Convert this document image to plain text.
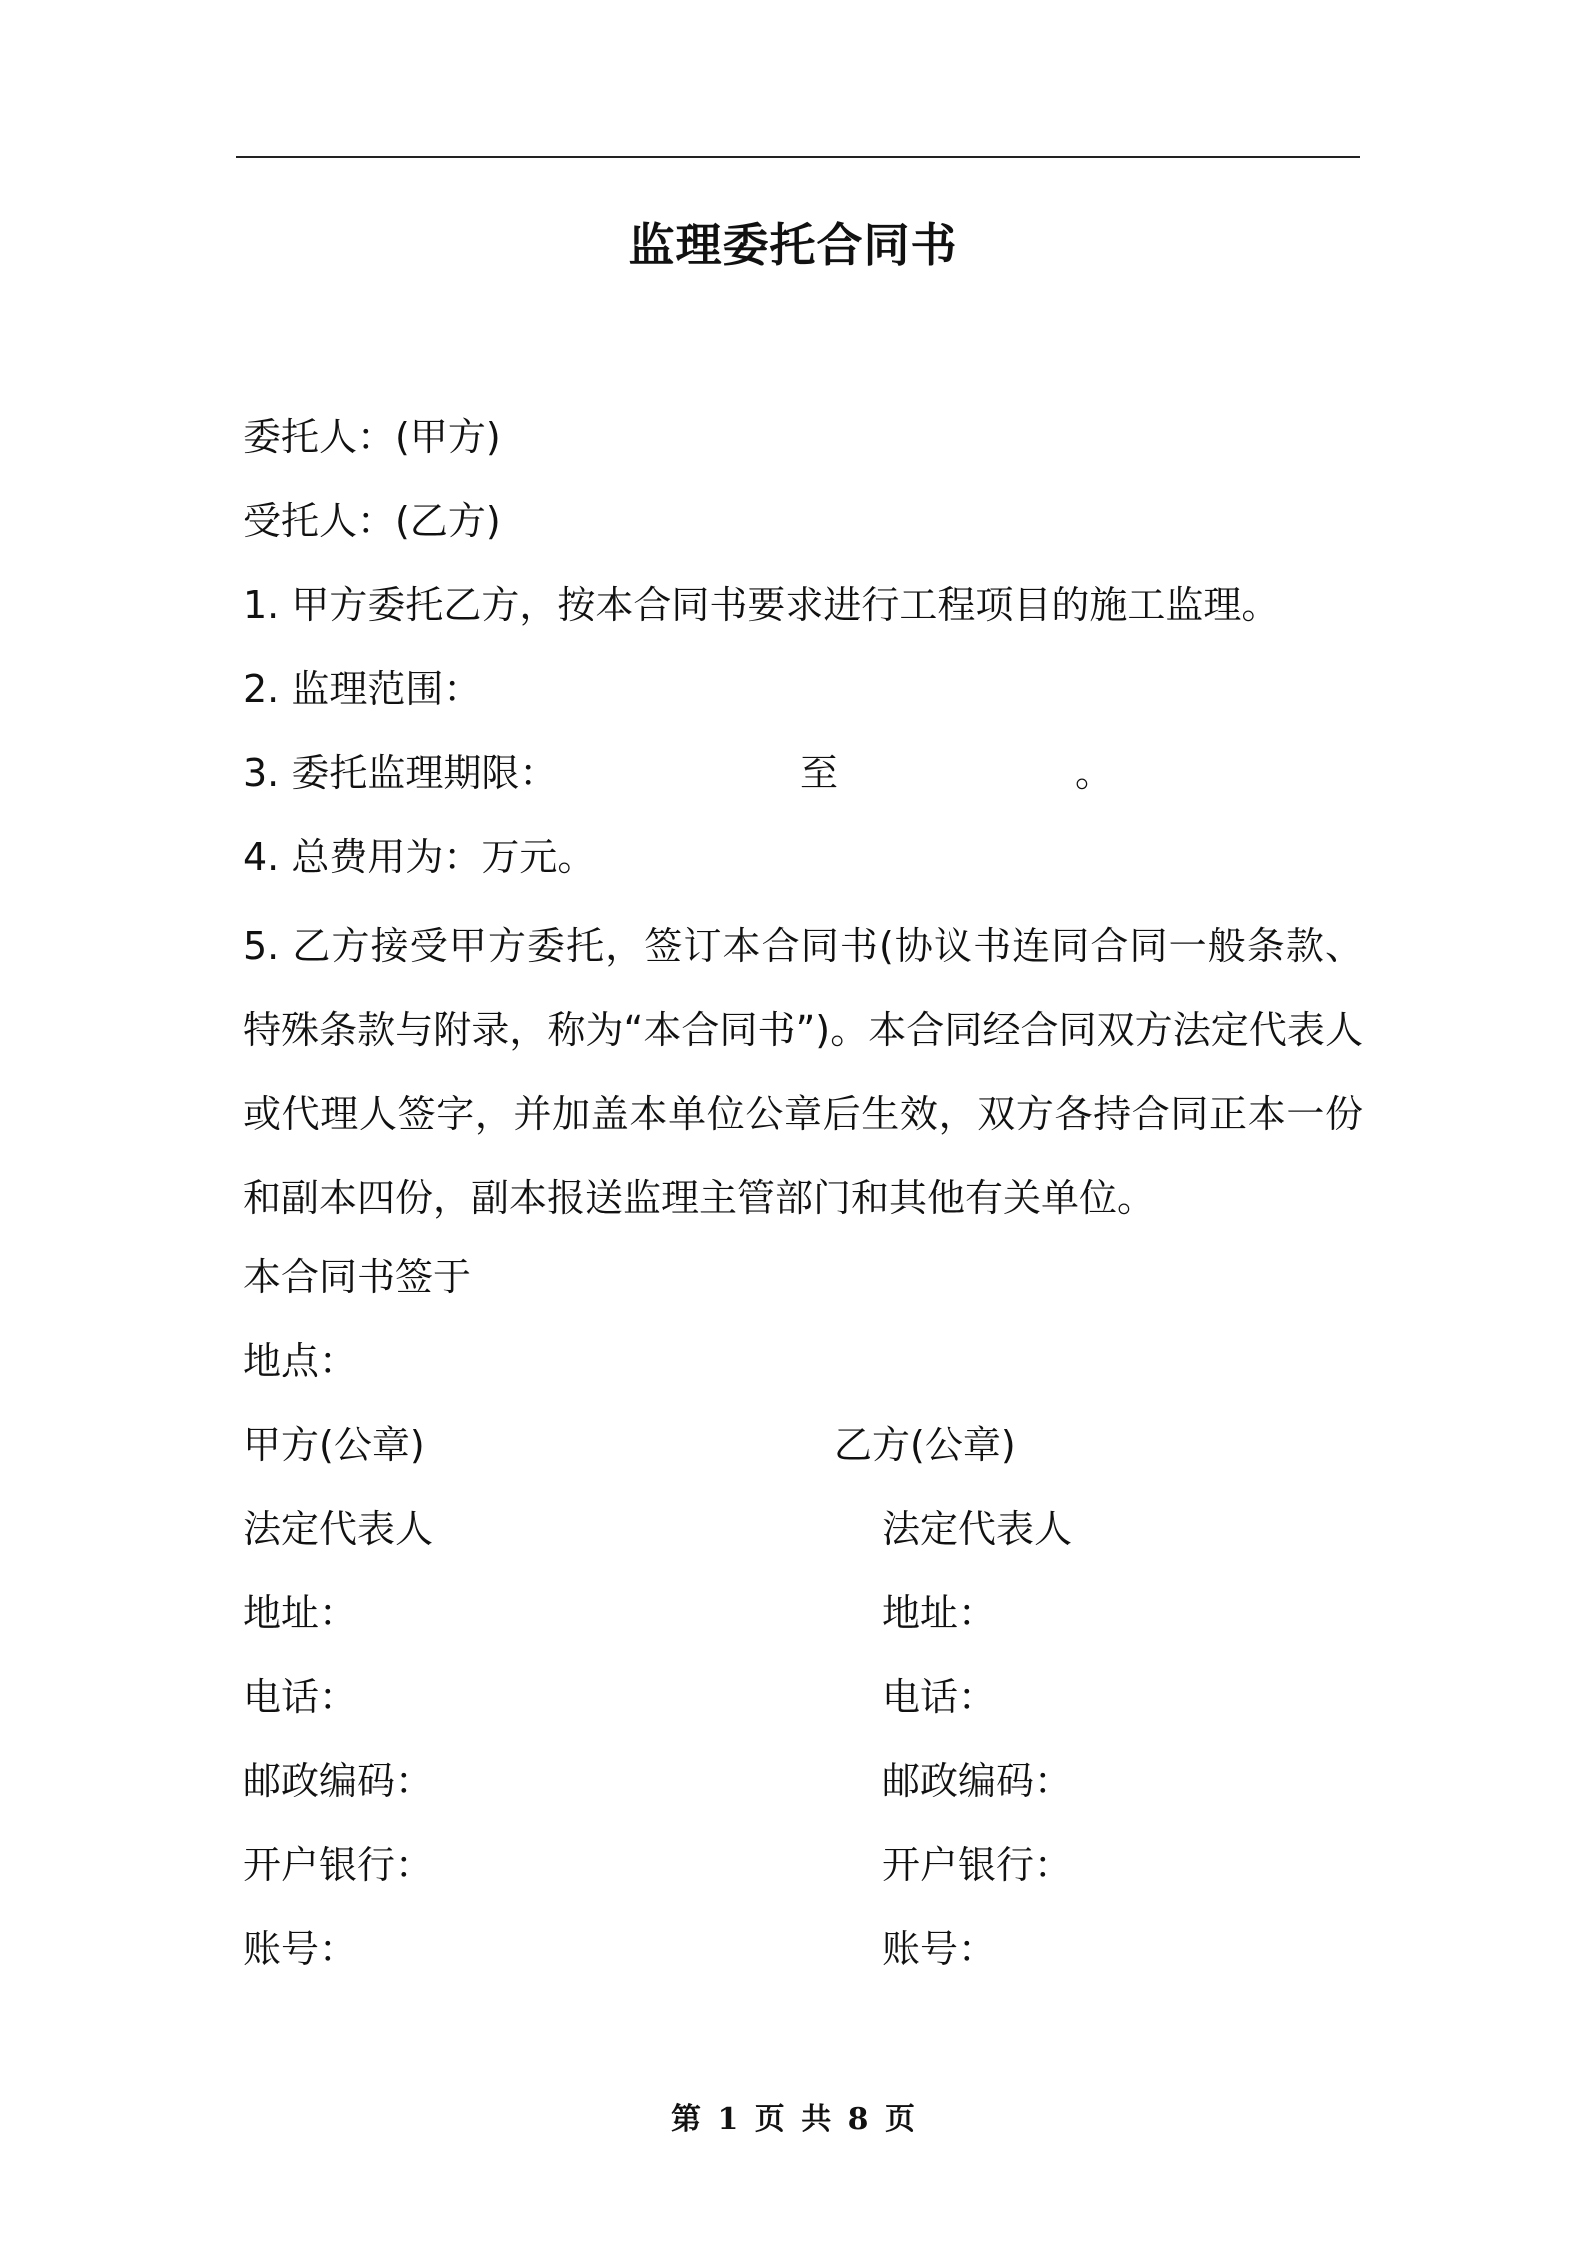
监理委托合同书
委托人：(甲方)
受托人：(乙方)
1. 甲方委托乙方，按本合同书要求进行工程项目的施工监理。
2. 监理范围：
3. 委托监理期限：	至	。
4. 总费用为：万元。
5. 乙方接受甲方委托，签订本合同书(协议书连同合同一般条款、特殊条款与附录，称为“本合同书”)。本合同经合同双方法定代表人或代理人签字，并加盖本单位公章后生效，双方各持合同正本一份和副本四份，副本报送监理主管部门和其他有关单位。
本合同书签于
地点：
甲方(公章)
法定代表人
地址：
电话：
邮政编码：
开户银行：
账号：
乙方(公章)
法定代表人
地址：
电话：
邮政编码：
开户银行：
账号：
第 1 页 共 8 页
